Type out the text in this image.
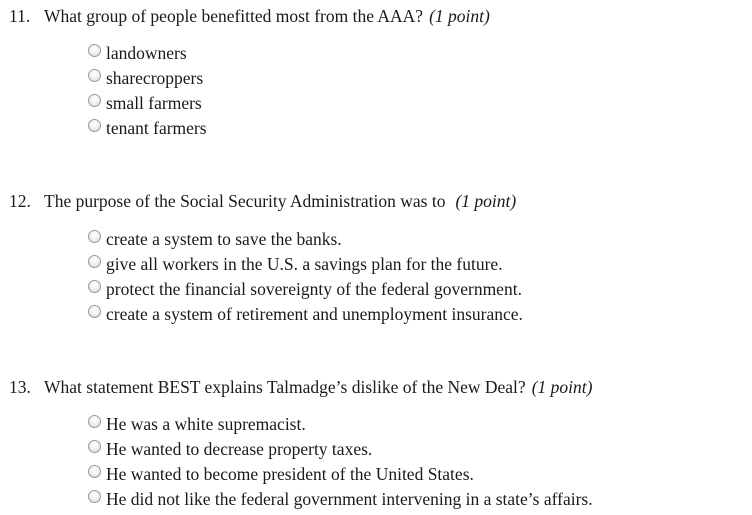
11. What group of people benefitted most from the AAA? (1 point)
landowners
sharecroppers
small farmers
tenant farmers
12. The purpose of the Social Security Administration was to (1 point)
create a system to save the banks.
give all workers in the U.S. a savings plan for the future.
protect the financial sovereignty of the federal government.
create a system of retirement and unemployment insurance.
13. What statement BEST explains Talmadge’s dislike of the New Deal? (1 point)
He was a white supremacist.
He wanted to decrease property taxes.
He wanted to become president of the United States.
He did not like the federal government intervening in a state’s affairs.
